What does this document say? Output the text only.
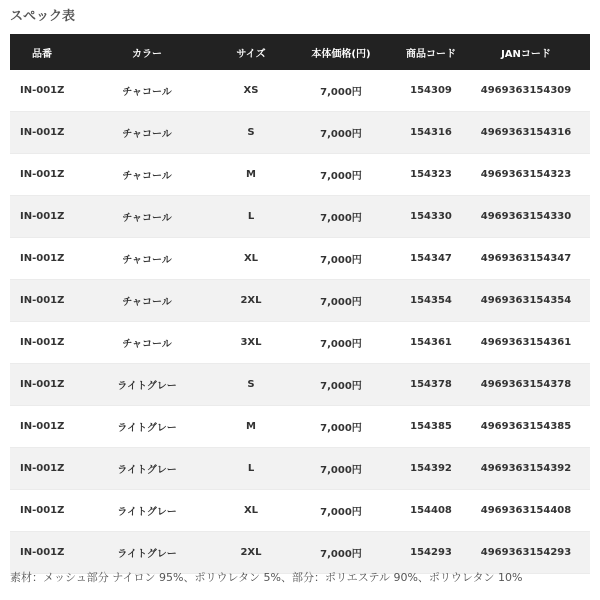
スペック表
品番	カラー	サイズ	本体価格(円)	商品コード	JANコード
IN-001Z	チャコール	XS	7,000円	154309	4969363154309
IN-001Z	チャコール	S	7,000円	154316	4969363154316
IN-001Z	チャコール	M	7,000円	154323	4969363154323
IN-001Z	チャコール	L	7,000円	154330	4969363154330
IN-001Z	チャコール	XL	7,000円	154347	4969363154347
IN-001Z	チャコール	2XL	7,000円	154354	4969363154354
IN-001Z	チャコール	3XL	7,000円	154361	4969363154361
IN-001Z	ライトグレー	S	7,000円	154378	4969363154378
IN-001Z	ライトグレー	M	7,000円	154385	4969363154385
IN-001Z	ライトグレー	L	7,000円	154392	4969363154392
IN-001Z	ライトグレー	XL	7,000円	154408	4969363154408
IN-001Z	ライトグレー	2XL	7,000円	154293	4969363154293
素材：メッシュ部分 ナイロン 95%、ポリウレタン 5%、部分：ポリエステル 90%、ポリウレタン 10%
